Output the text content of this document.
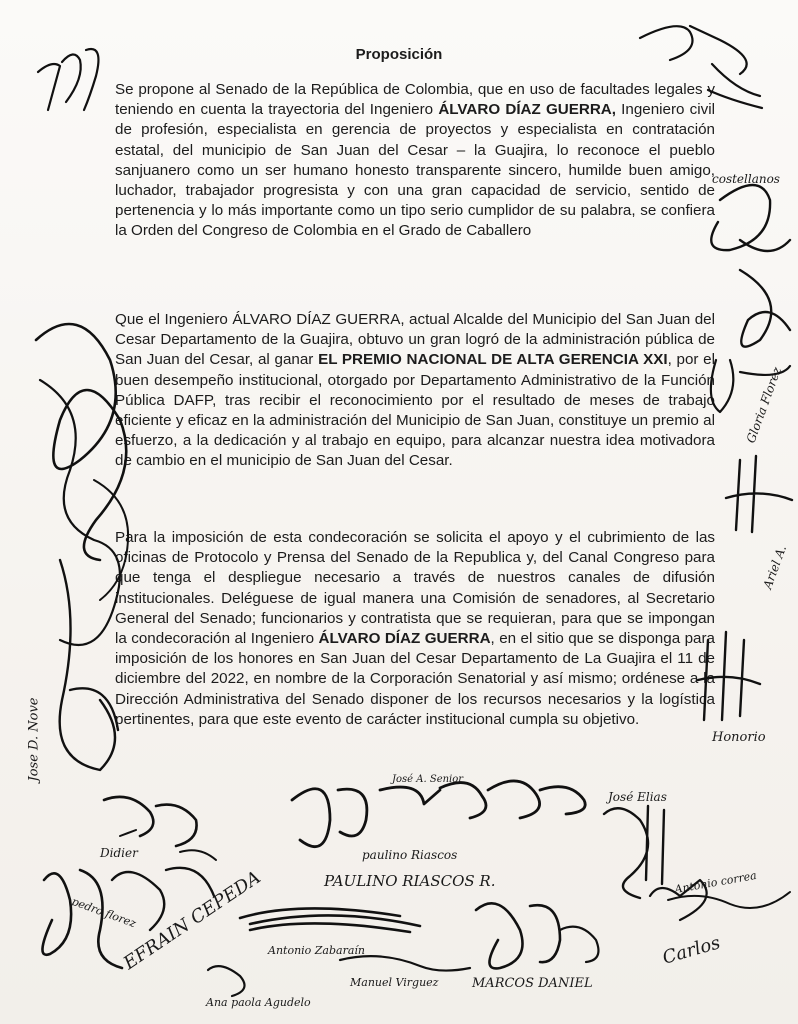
Proposición

Se propone al Senado de la República de Colombia, que en uso de facultades legales y teniendo en cuenta la trayectoria del Ingeniero ÁLVARO DÍAZ GUERRA, Ingeniero civil de profesión, especialista en gerencia de proyectos y especialista en contratación estatal, del municipio de San Juan del Cesar – la Guajira, lo reconoce el pueblo sanjuanero como un ser humano honesto transparente sincero, humilde buen amigo, luchador, trabajador progresista y con una gran capacidad de servicio, sentido de pertenencia y lo más importante como un tipo serio cumplidor de su palabra, se confiera la Orden del Congreso de Colombia en el Grado de Caballero

Que el Ingeniero ÁLVARO DÍAZ GUERRA, actual Alcalde del Municipio del San Juan del Cesar Departamento de la Guajira, obtuvo un gran logró de la administración pública de San Juan del Cesar, al ganar EL PREMIO NACIONAL DE ALTA GERENCIA XXI, por el buen desempeño institucional, otorgado por Departamento Administrativo de la Función Pública DAFP, tras recibir el reconocimiento por el resultado de meses de trabajo eficiente y eficaz en la administración del Municipio de San Juan, constituye un premio al esfuerzo, a la dedicación y al trabajo en equipo, para alcanzar nuestra idea motivadora de cambio en el municipio de San Juan del Cesar.

Para la imposición de esta condecoración se solicita el apoyo y el cubrimiento de las oficinas de Protocolo y Prensa del Senado de la Republica y, del Canal Congreso para que tenga el despliegue necesario a través de nuestros canales de difusión institucionales. Deléguese de igual manera una Comisión de senadores, al Secretario General del Senado; funcionarios y contratista que se requieran, para que se impongan la condecoración al Ingeniero ÁLVARO DÍAZ GUERRA, en el sitio que se disponga para imposición de los honores en San Juan del Cesar Departamento de La Guajira el 11 de diciembre del 2022, en nombre de la Corporación Senatorial y así mismo; ordénese a la Dirección Administrativa del Senado disponer de los recursos necesarios y la logística pertinentes, para que este evento de carácter institucional cumpla su objetivo.

costellanos
Jose D. Nove	Honorio
Gloria Florez
Ariel A.
José Elias
José A. Senior
Didier	paulino Riascos
PAULINO RIASCOS R.
pedro florez
EFRAIN CEPEDA Antonio Zabaraín
Antonio correa
Carlos
Ana paola Agudelo
Manuel Virguez	MARCOS DANIEL
